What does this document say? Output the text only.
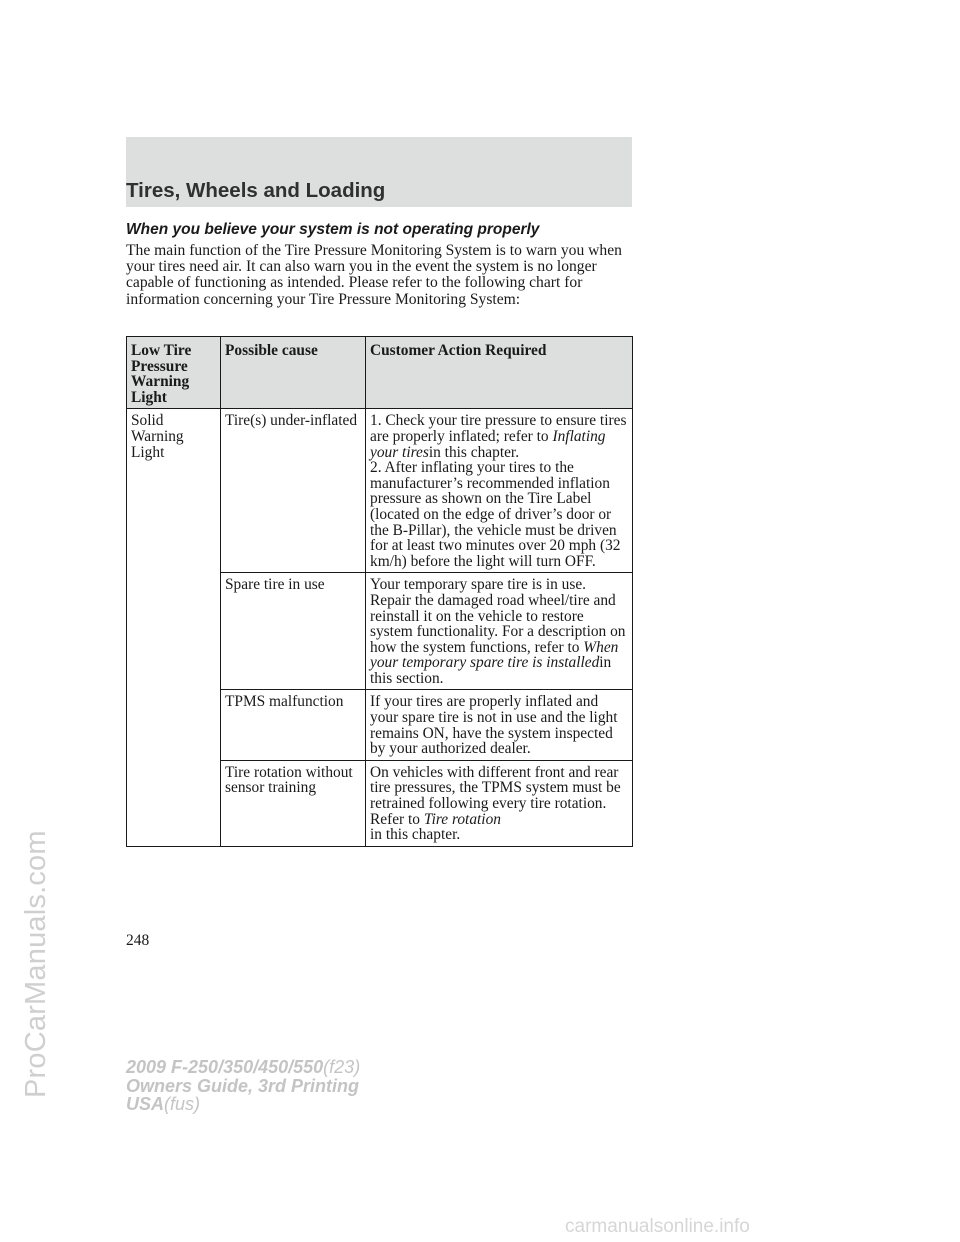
ProCarManuals.com
Tires, Wheels and Loading
When you believe your system is not operating properly
The main function of the Tire Pressure Monitoring System is to warn you when your tires need air. It can also warn you in the event the system is no longer capable of functioning as intended. Please refer to the following chart for information concerning your Tire Pressure Monitoring System:
Low Tire Pressure Warning Light	Possible cause	Customer Action Required
Solid Warning Light	Tire(s) under-inflated	1. Check your tire pressure to ensure tires are properly inflated; refer to Inflating your tiresin this chapter.
2. After inflating your tires to the manufacturer’s recommended inflation pressure as shown on the Tire Label (located on the edge of driver’s door or the B-Pillar), the vehicle must be driven for at least two minutes over 20 mph (32 km/h) before the light will turn OFF.
	Spare tire in use	Your temporary spare tire is in use. Repair the damaged road wheel/tire and reinstall it on the vehicle to restore system functionality. For a description on how the system functions, refer to When your temporary spare tire is installedin this section.
	TPMS malfunction	If your tires are properly inflated and your spare tire is not in use and the light remains ON, have the system inspected by your authorized dealer.
	Tire rotation without sensor training	On vehicles with different front and rear tire pressures, the TPMS system must be retrained following every tire rotation. Refer to Tire rotation
in this chapter.
248
2009 F-250/350/450/550(f23)
Owners Guide, 3rd Printing
USA(fus)
carmanualsonline.info
